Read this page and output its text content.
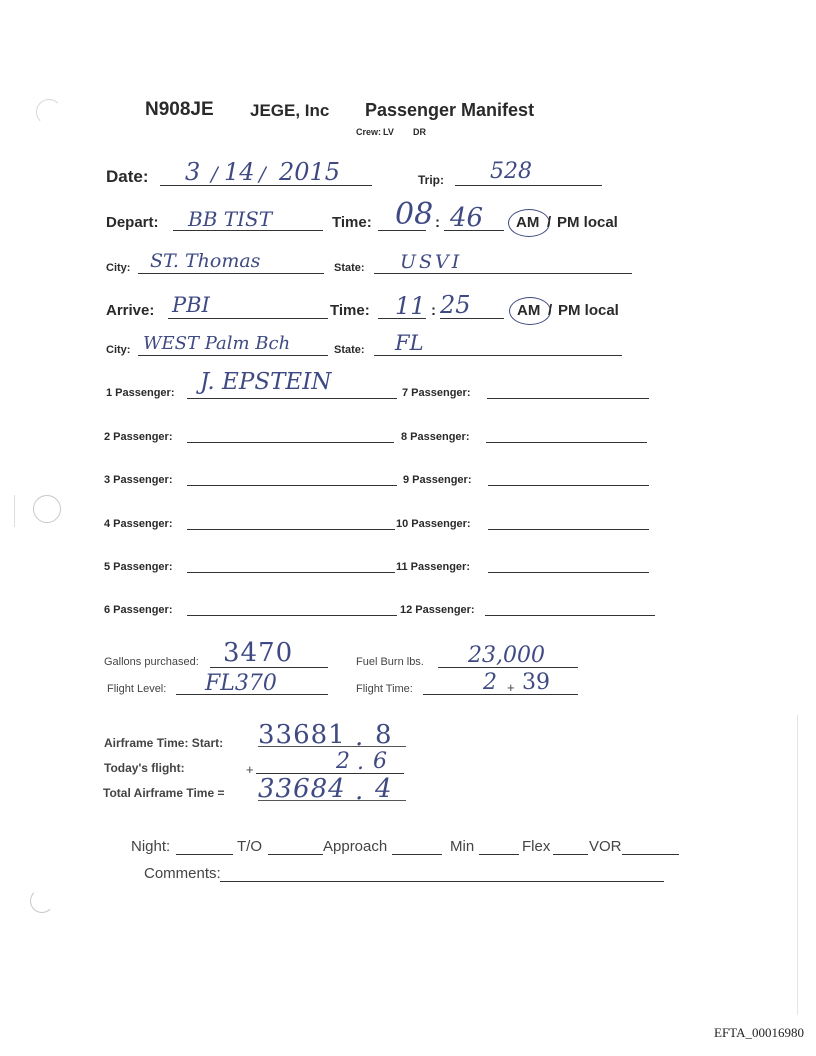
N908JE JEGE, Inc Passenger Manifest
Crew: LV DR
Date: 3 / 14 / 2015	Trip: 528
Depart: BB TIST	Time: 08 : 46 AM / PM local
City: ST. Thomas	State: USVI
Arrive: PBI	Time: 11 : 25	AM / PM local
City: WEST Palm Bch	State: FL
1 Passenger: J. EPSTEIN
2 Passenger:
3 Passenger:
4 Passenger:
5 Passenger:
6 Passenger:
7 Passenger:
8 Passenger:
9 Passenger:
10 Passenger:
11 Passenger:
12 Passenger:
Gallons purchased: 3470	Fuel Burn lbs. 23,000
Flight Level: FL370	Flight Time:	2 + 39
Airframe Time: Start: 33681 . 8
Today's flight:	+	2 . 6
Total Airframe Time = 33684 . 4
Night:	T/O	Approach	Min	Flex	VOR
Comments:
EFTA_00016980
